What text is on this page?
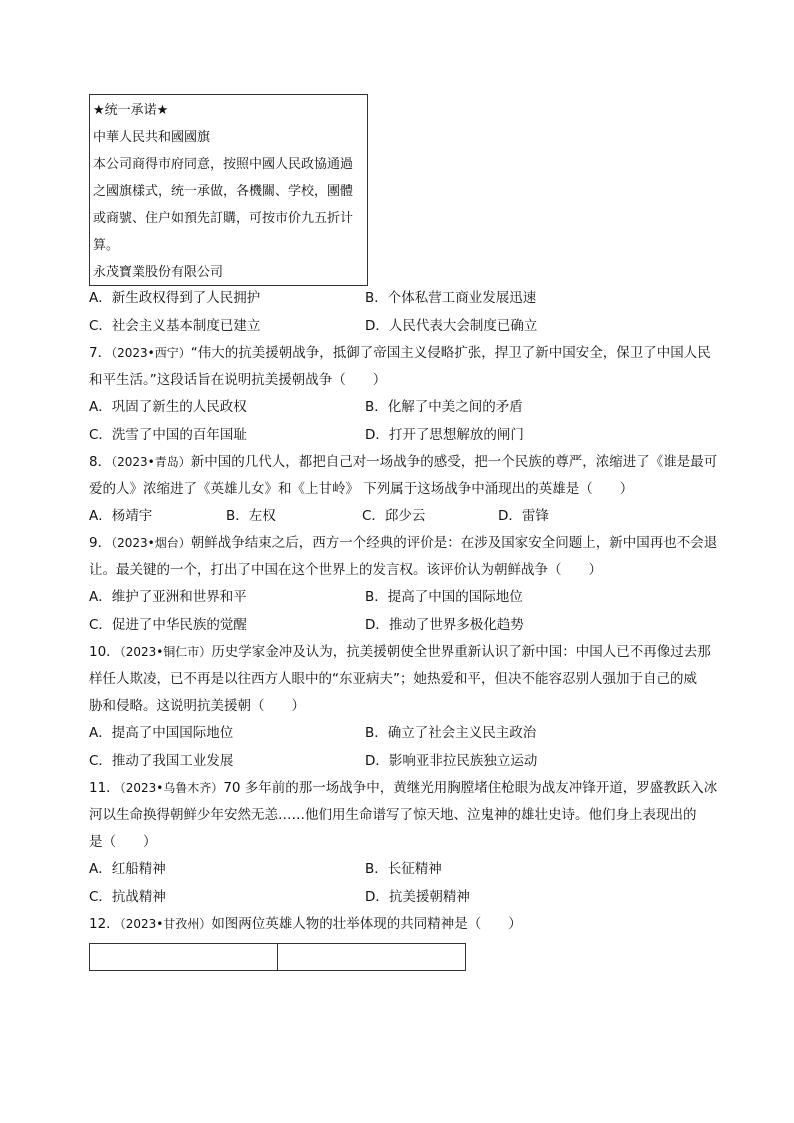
★统一承诺★
中華人民共和國國旗
本公司商得市府同意，按照中國人民政協通過
之國旗樣式，统一承做，各機關、学校，團體
或商號、住户如預先訂購，可按市价九五折计
算。
永茂寶業股份有限公司
A．新生政权得到了人民拥护	B．个体私营工商业发展迅速
C．社会主义基本制度已建立	D．人民代表大会制度已确立
7．（2023•西宁）“伟大的抗美援朝战争，抵御了帝国主义侵略扩张，捍卫了新中国安全，保卫了中国人民
和平生活。”这段话旨在说明抗美援朝战争（　　）
A．巩固了新生的人民政权	B．化解了中美之间的矛盾
C．洗雪了中国的百年国耻	D．打开了思想解放的闸门
8．（2023•青岛）新中国的几代人，都把自己对一场战争的感受，把一个民族的尊严，浓缩进了《谁是最可
爱的人》浓缩进了《英雄儿女》和《上甘岭》 下列属于这场战争中涌现出的英雄是（　　）
A．杨靖宇	B．左权	C．邱少云	D．雷锋
9．（2023•烟台）朝鲜战争结束之后，西方一个经典的评价是：在涉及国家安全问题上，新中国再也不会退
让。最关键的一个，打出了中国在这个世界上的发言权。该评价认为朝鲜战争（　　）
A．维护了亚洲和世界和平	B．提高了中国的国际地位
C．促进了中华民族的觉醒	D．推动了世界多极化趋势
10．（2023•铜仁市）历史学家金冲及认为，抗美援朝使全世界重新认识了新中国：中国人已不再像过去那
样任人欺凌，已不再是以往西方人眼中的“东亚病夫”；她热爱和平，但决不能容忍别人强加于自己的威
胁和侵略。这说明抗美援朝（　　）
A．提高了中国国际地位	B．确立了社会主义民主政治
C．推动了我国工业发展	D．影响亚非拉民族独立运动
11．（2023•乌鲁木齐）70 多年前的那一场战争中，黄继光用胸膛堵住枪眼为战友冲锋开道，罗盛教跃入冰
河以生命换得朝鲜少年安然无恙……他们用生命谱写了惊天地、泣鬼神的雄壮史诗。他们身上表现出的
是（　　）
A．红船精神	B．长征精神
C．抗战精神	D．抗美援朝精神
12．（2023•甘孜州）如图两位英雄人物的壮举体现的共同精神是（　　）
